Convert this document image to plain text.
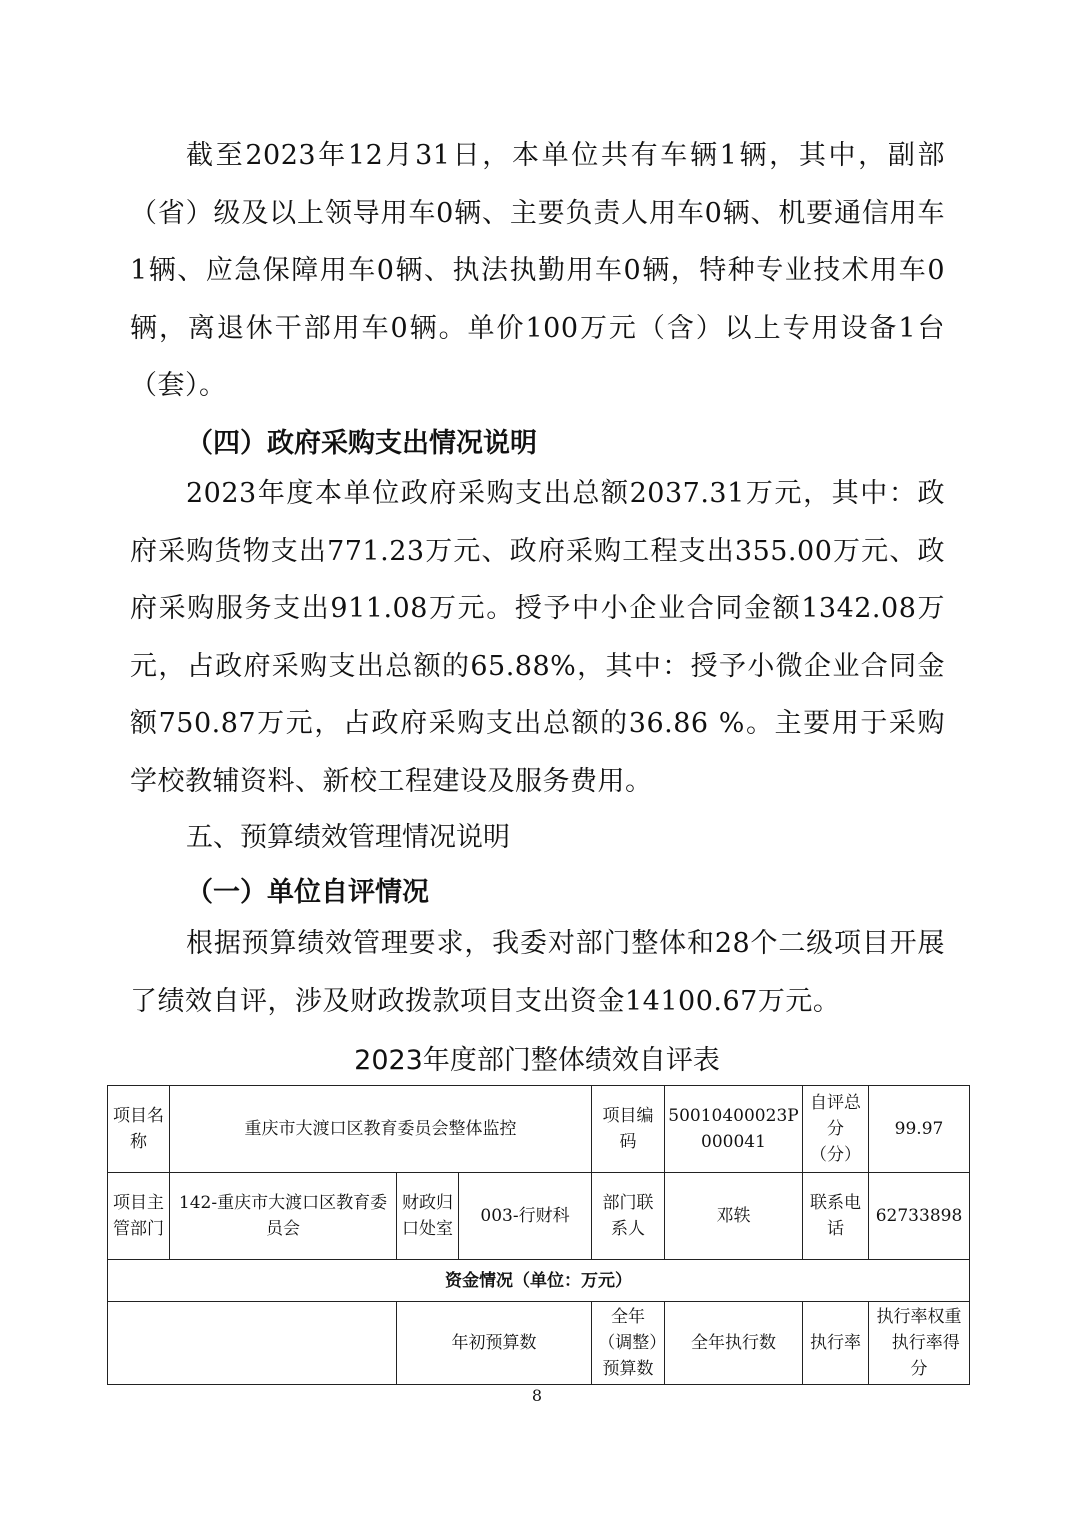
截至2023年12月31日，本单位共有车辆1辆，其中，副部（省）级及以上领导用车0辆、主要负责人用车0辆、机要通信用车1辆、应急保障用车0辆、执法执勤用车0辆，特种专业技术用车0辆，离退休干部用车0辆。单价100万元（含）以上专用设备1台（套）。

（四）政府采购支出情况说明

2023年度本单位政府采购支出总额2037.31万元，其中：政府采购货物支出771.23万元、政府采购工程支出355.00万元、政府采购服务支出911.08万元。授予中小企业合同金额1342.08万元，占政府采购支出总额的65.88%，其中：授予小微企业合同金额750.87万元，占政府采购支出总额的36.86 %。主要用于采购学校教辅资料、新校工程建设及服务费用。

五、预算绩效管理情况说明

（一）单位自评情况

根据预算绩效管理要求，我委对部门整体和28个二级项目开展了绩效自评，涉及财政拨款项目支出资金14100.67万元。

2023年度部门整体绩效自评表
项目名称	重庆市大渡口区教育委员会整体监控			项目编码	50010400023P000041	自评总分（分）	99.97
项目主管部门	142-重庆市大渡口区教育委员会	财政归口处室	003-行财科	部门联系人	邓轶	联系电话	62733898
资金情况（单位：万元）							
		年初预算数		全年（调整）预算数	全年执行数	执行率	执行率权重  执行率得分
8
